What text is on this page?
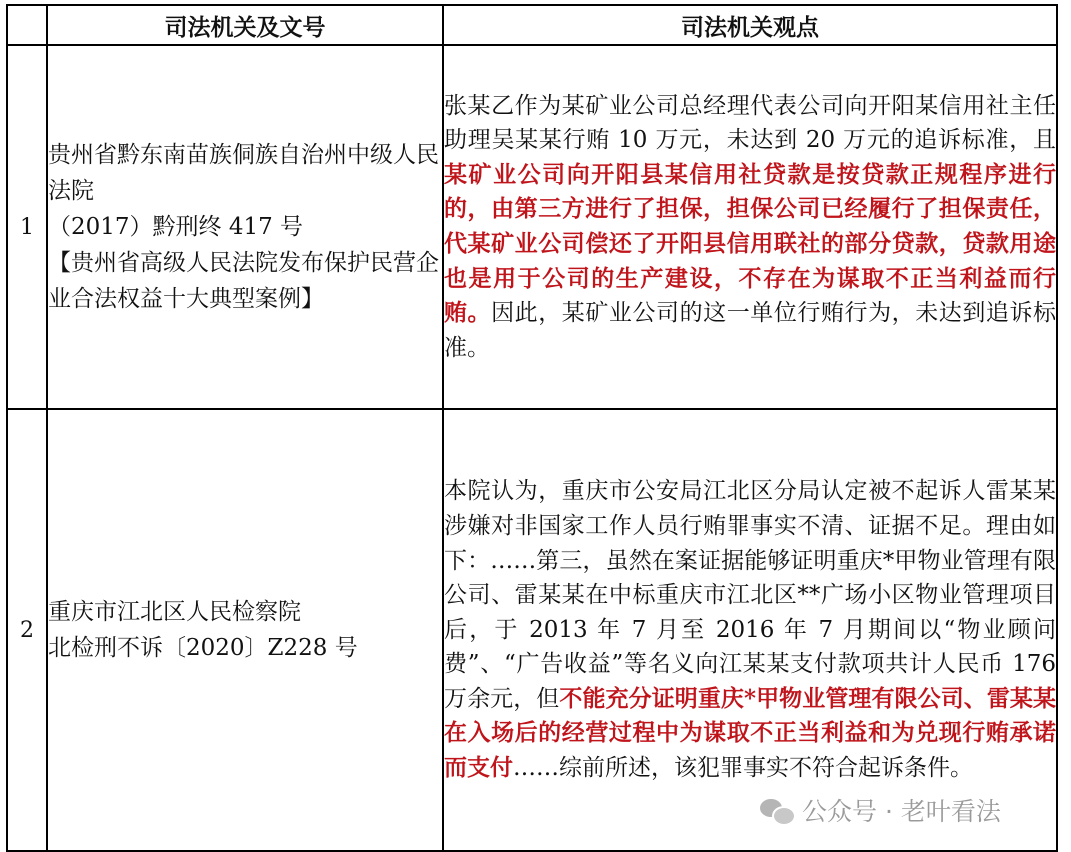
	司法机关及文号	司法机关观点
1	贵州省黔东南苗族侗族自治州中级人民法院
（2017）黔刑终 417 号
【贵州省高级人民法院发布保护民营企业合法权益十大典型案例】	张某乙作为某矿业公司总经理代表公司向开阳某信用社主任助理吴某某行贿 10 万元，未达到 20 万元的追诉标准，且某矿业公司向开阳县某信用社贷款是按贷款正规程序进行的，由第三方进行了担保，担保公司已经履行了担保责任，代某矿业公司偿还了开阳县信用联社的部分贷款，贷款用途也是用于公司的生产建设，不存在为谋取不正当利益而行贿。因此，某矿业公司的这一单位行贿行为，未达到追诉标准。
2	重庆市江北区人民检察院
北检刑不诉〔2020〕Z228 号	本院认为，重庆市公安局江北区分局认定被不起诉人雷某某涉嫌对非国家工作人员行贿罪事实不清、证据不足。理由如下：……第三，虽然在案证据能够证明重庆*甲物业管理有限公司、雷某某在中标重庆市江北区**广场小区物业管理项目后，于 2013 年 7 月至 2016 年 7 月期间以“物业顾问费”、“广告收益”等名义向江某某支付款项共计人民币 176 万余元，但不能充分证明重庆*甲物业管理有限公司、雷某某在入场后的经营过程中为谋取不正当利益和为兑现行贿承诺而支付……综前所述，该犯罪事实不符合起诉条件。
公众号 · 老叶看法
